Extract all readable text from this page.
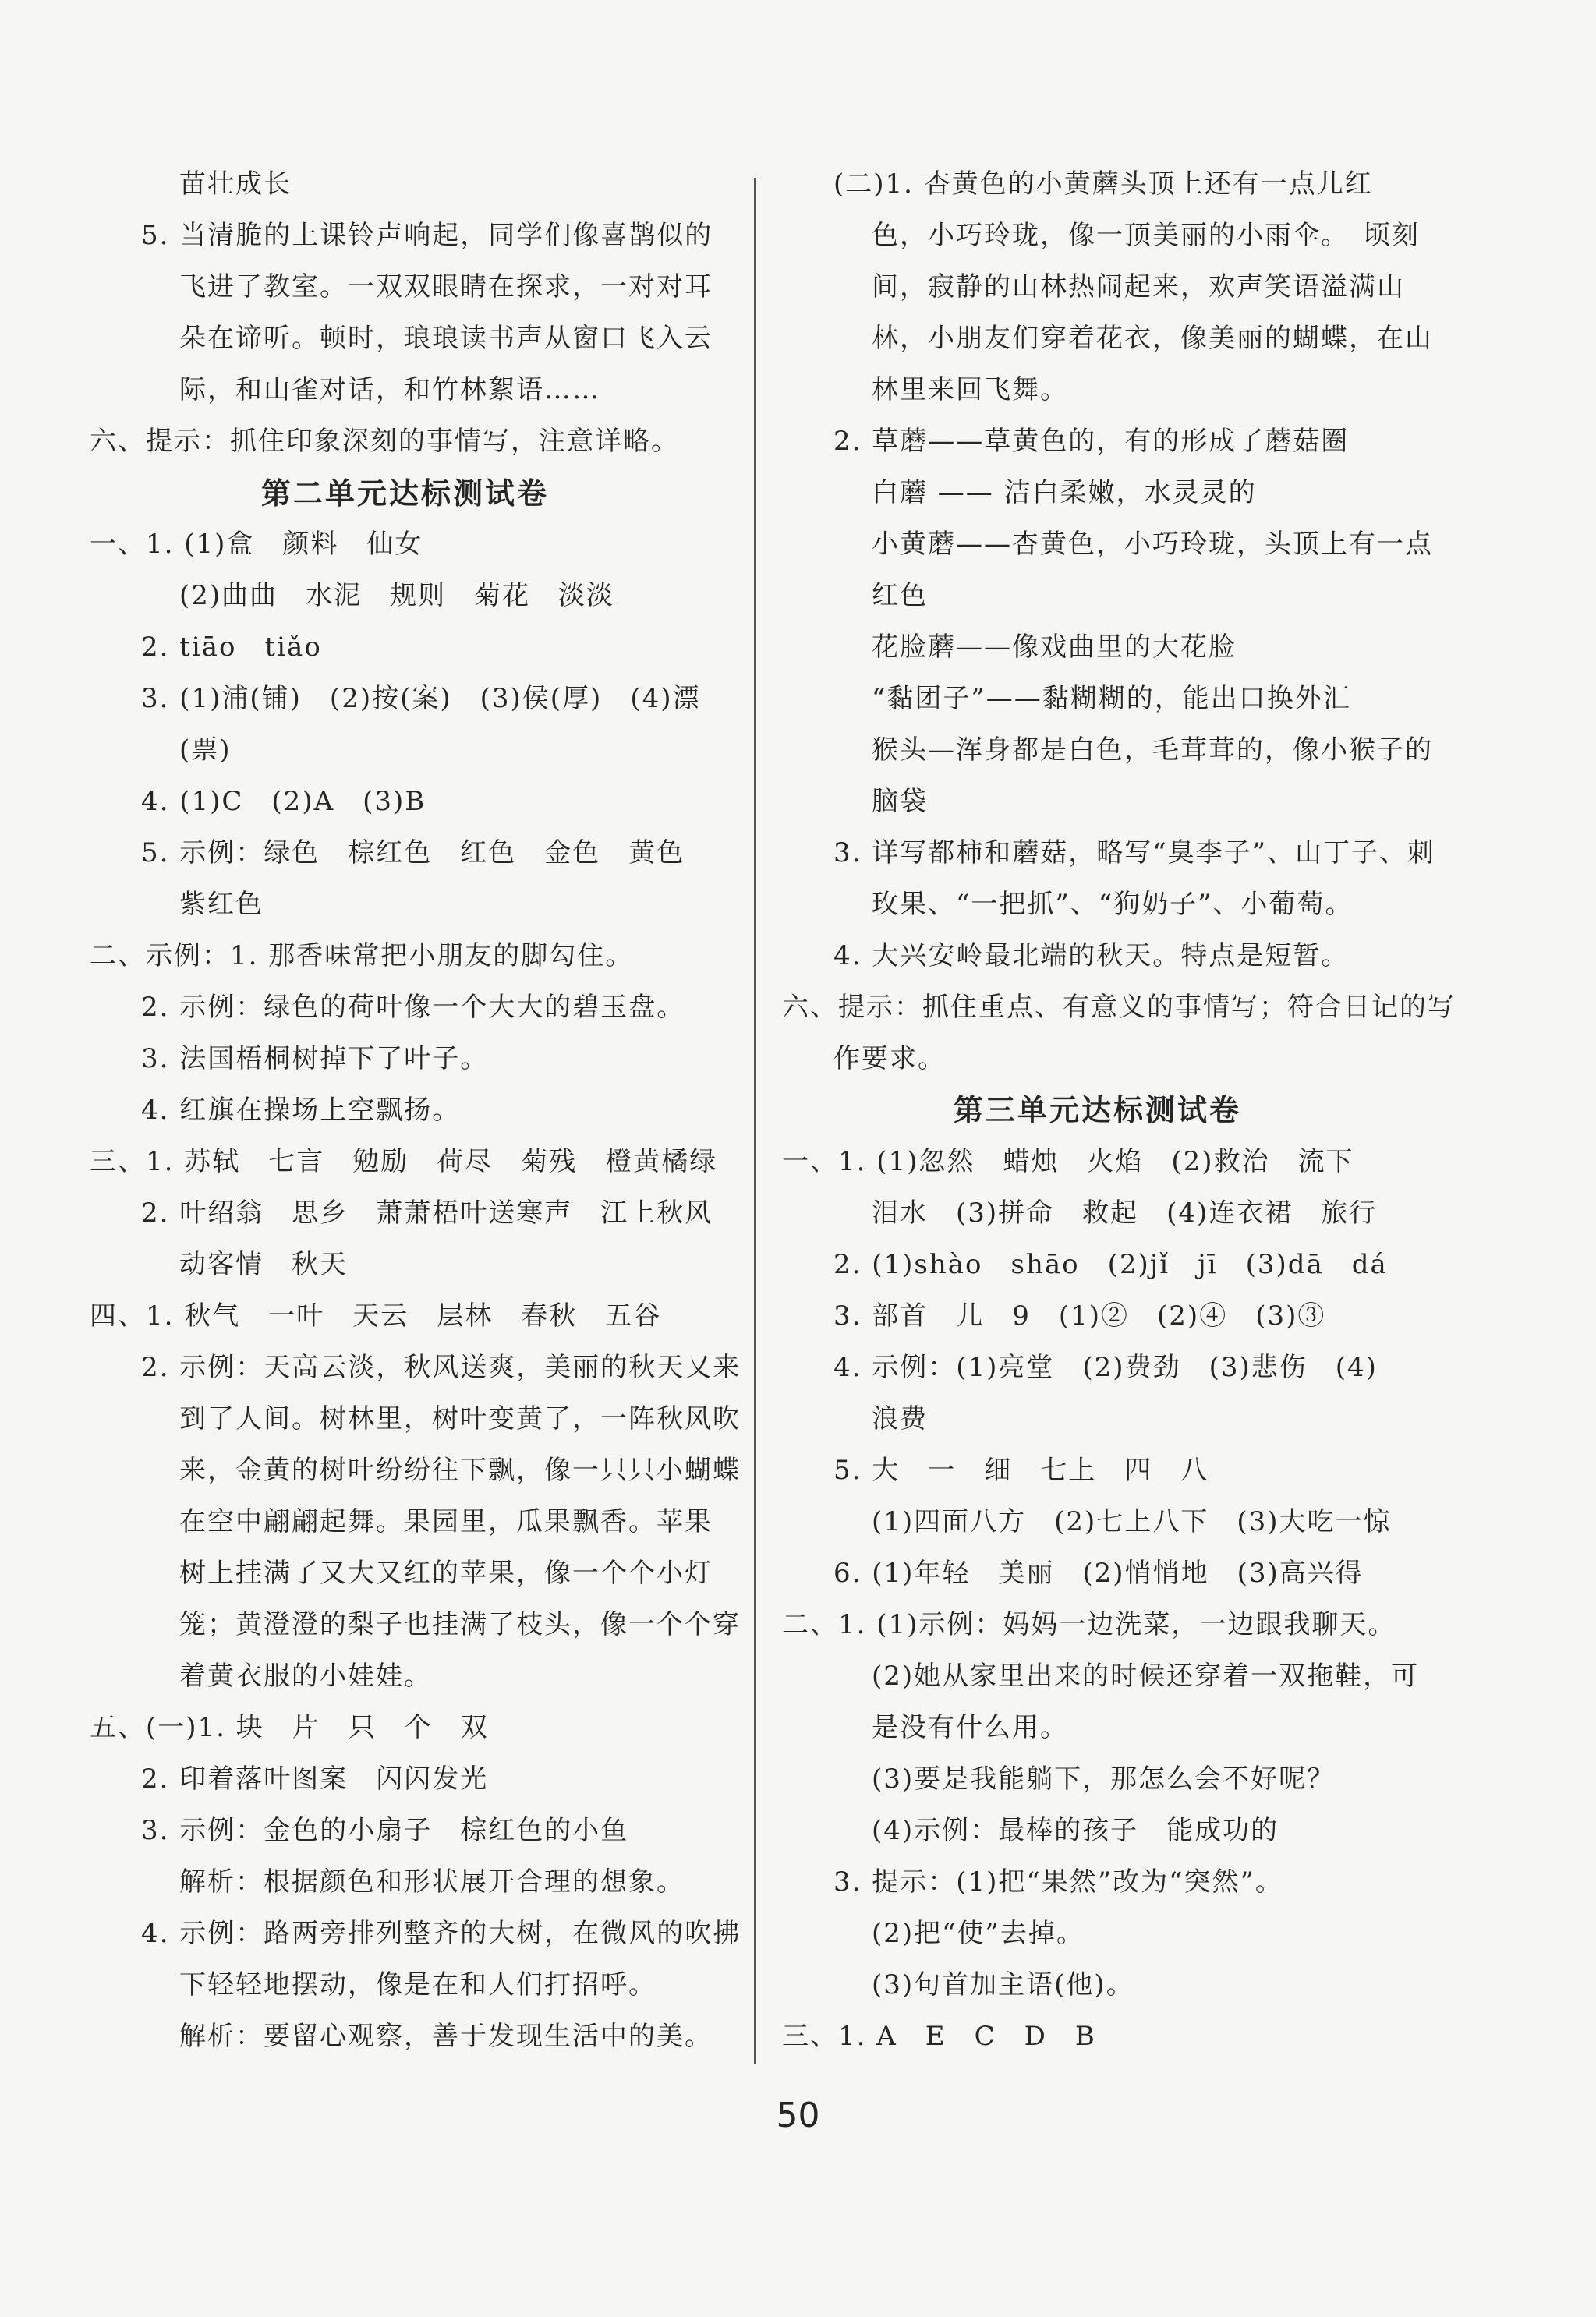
苗壮成长
5. 当清脆的上课铃声响起，同学们像喜鹊似的
飞进了教室。一双双眼睛在探求，一对对耳
朵在谛听。顿时，琅琅读书声从窗口飞入云
际，和山雀对话，和竹林絮语……
六、提示：抓住印象深刻的事情写，注意详略。
第二单元达标测试卷
一、1. (1)盒　颜料　仙女
(2)曲曲　水泥　规则　菊花　淡淡
2. tiāo　tiǎo
3. (1)浦(铺)　(2)按(案)　(3)侯(厚)　(4)漂
(票)
4. (1)C　(2)A　(3)B
5. 示例：绿色　棕红色　红色　金色　黄色
紫红色
二、示例：1. 那香味常把小朋友的脚勾住。
2. 示例：绿色的荷叶像一个大大的碧玉盘。
3. 法国梧桐树掉下了叶子。
4. 红旗在操场上空飘扬。
三、1. 苏轼　七言　勉励　荷尽　菊残　橙黄橘绿
2. 叶绍翁　思乡　萧萧梧叶送寒声　江上秋风
动客情　秋天
四、1. 秋气　一叶　天云　层林　春秋　五谷
2. 示例：天高云淡，秋风送爽，美丽的秋天又来
到了人间。树林里，树叶变黄了，一阵秋风吹
来，金黄的树叶纷纷往下飘，像一只只小蝴蝶
在空中翩翩起舞。果园里，瓜果飘香。苹果
树上挂满了又大又红的苹果，像一个个小灯
笼；黄澄澄的梨子也挂满了枝头，像一个个穿
着黄衣服的小娃娃。
五、(一)1. 块　片　只　个　双
2. 印着落叶图案　闪闪发光
3. 示例：金色的小扇子　棕红色的小鱼
解析：根据颜色和形状展开合理的想象。
4. 示例：路两旁排列整齐的大树，在微风的吹拂
下轻轻地摆动，像是在和人们打招呼。
解析：要留心观察，善于发现生活中的美。
(二)1. 杏黄色的小黄蘑头顶上还有一点儿红
色，小巧玲珑，像一顶美丽的小雨伞。　顷刻
间，寂静的山林热闹起来，欢声笑语溢满山
林，小朋友们穿着花衣，像美丽的蝴蝶，在山
林里来回飞舞。
2. 草蘑——草黄色的，有的形成了蘑菇圈
白蘑 —— 洁白柔嫩，水灵灵的
小黄蘑——杏黄色，小巧玲珑，头顶上有一点
红色
花脸蘑——像戏曲里的大花脸
“黏团子”——黏糊糊的，能出口换外汇
猴头—浑身都是白色，毛茸茸的，像小猴子的
脑袋
3. 详写都柿和蘑菇，略写“臭李子”、山丁子、刺
玫果、“一把抓”、“狗奶子”、小葡萄。
4. 大兴安岭最北端的秋天。特点是短暂。
六、提示：抓住重点、有意义的事情写；符合日记的写
作要求。
第三单元达标测试卷
一、1. (1)忽然　蜡烛　火焰　(2)救治　流下
泪水　(3)拼命　救起　(4)连衣裙　旅行
2. (1)shào　shāo　(2)jǐ　jī　(3)dā　dá
3. 部首　儿　9　(1)②　(2)④　(3)③
4. 示例：(1)亮堂　(2)费劲　(3)悲伤　(4)
浪费
5. 大　一　细　七上　四　八
(1)四面八方　(2)七上八下　(3)大吃一惊
6. (1)年轻　美丽　(2)悄悄地　(3)高兴得
二、1. (1)示例：妈妈一边洗菜，一边跟我聊天。
(2)她从家里出来的时候还穿着一双拖鞋，可
是没有什么用。
(3)要是我能躺下，那怎么会不好呢？
(4)示例：最棒的孩子　能成功的
3. 提示：(1)把“果然”改为“突然”。
(2)把“使”去掉。
(3)句首加主语(他)。
三、1. A　E　C　D　B
50
